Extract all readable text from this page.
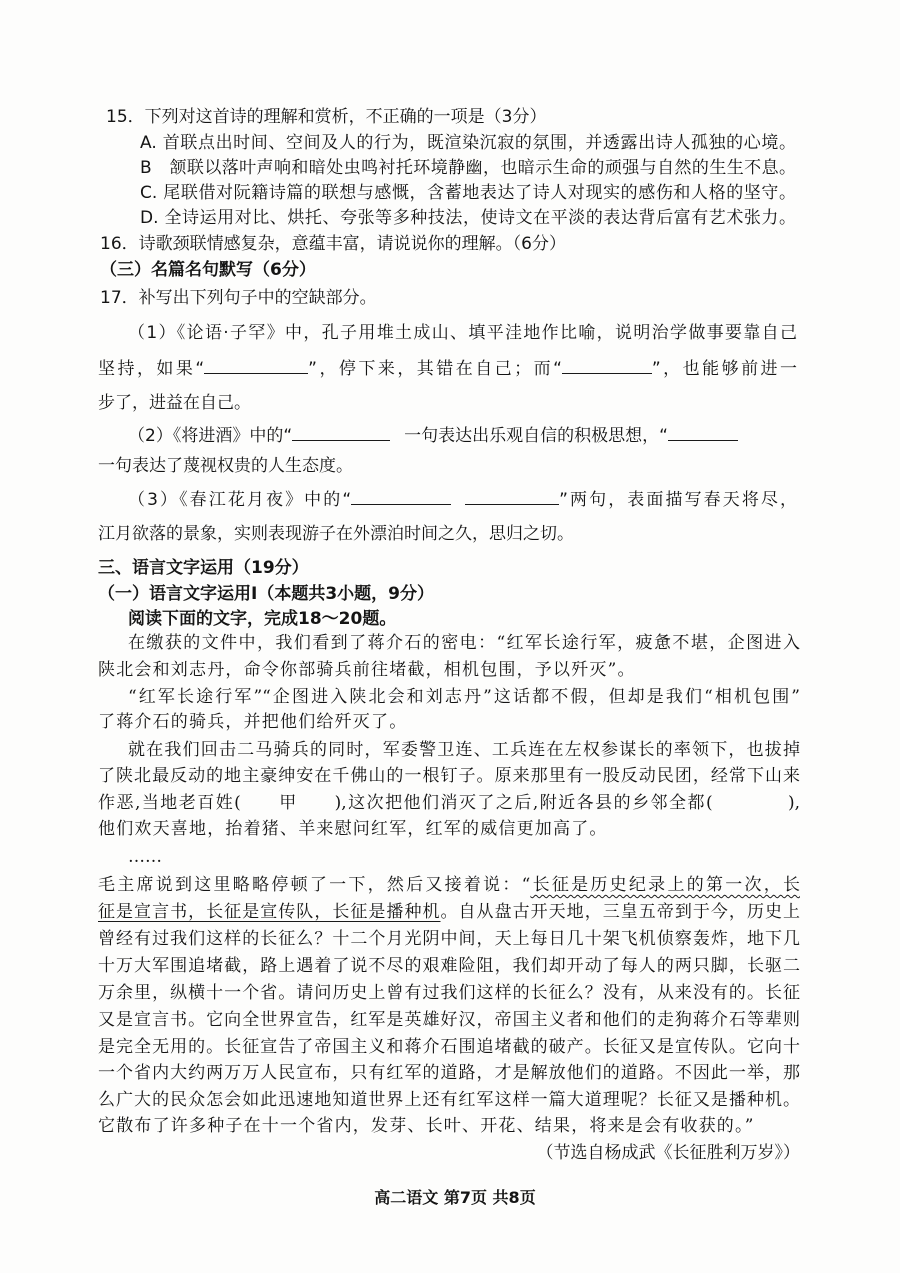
15．下列对这首诗的理解和赏析，不正确的一项是（3分）
A. 首联点出时间、空间及人的行为，既渲染沉寂的氛围，并透露出诗人孤独的心境。
B　颔联以落叶声响和暗处虫鸣衬托环境静幽，也暗示生命的顽强与自然的生生不息。
C. 尾联借对阮籍诗篇的联想与感慨，含蓄地表达了诗人对现实的感伤和人格的坚守。
D. 全诗运用对比、烘托、夸张等多种技法，使诗文在平淡的表达背后富有艺术张力。
16．诗歌颈联情感复杂，意蕴丰富，请说说你的理解。（6分）
（三）名篇名句默写（6分）
17．补写出下列句子中的空缺部分。
（1）《论语·子罕》中，孔子用堆土成山、填平洼地作比喻，说明治学做事要靠自己
坚持，如果“	”，停下来，其错在自己；而“	”，也能够前进一
步了，进益在自己。
（2）《将进酒》中的“	一句表达出乐观自信的积极思想，“
一句表达了蔑视权贵的人生态度。
（3）《春江花月夜》中的“	”两句，表面描写春天将尽，
江月欲落的景象，实则表现游子在外漂泊时间之久，思归之切。
三、语言文字运用（19分）
（一）语言文字运用Ⅰ（本题共3小题，9分）
阅读下面的文字，完成18～20题。
在缴获的文件中，我们看到了蒋介石的密电：“红军长途行军，疲惫不堪，企图进入
陕北会和刘志丹，命令你部骑兵前往堵截，相机包围，予以歼灭”。
“红军长途行军”“企图进入陕北会和刘志丹”这话都不假，但却是我们“相机包围”
了蒋介石的骑兵，并把他们给歼灭了。
就在我们回击二马骑兵的同时，军委警卫连、工兵连在左权参谋长的率领下，也拔掉
了陕北最反动的地主豪绅安在千佛山的一根钉子。原来那里有一股反动民团，经常下山来
作恶,当地老百姓(　　甲　　),这次把他们消灭了之后,附近各县的乡邻全都(　　　　),
他们欢天喜地，抬着猪、羊来慰问红军，红军的威信更加高了。
……
毛主席说到这里略略停顿了一下，然后又接着说：“长征是历史纪录上的第一次，长
征是宣言书，长征是宣传队，长征是播种机。自从盘古开天地，三皇五帝到于今，历史上
曾经有过我们这样的长征么？十二个月光阴中间，天上每日几十架飞机侦察轰炸，地下几
十万大军围追堵截，路上遇着了说不尽的艰难险阻，我们却开动了每人的两只脚，长驱二
万余里，纵横十一个省。请问历史上曾有过我们这样的长征么？没有，从来没有的。长征
又是宣言书。它向全世界宣告，红军是英雄好汉，帝国主义者和他们的走狗蒋介石等辈则
是完全无用的。长征宣告了帝国主义和蒋介石围追堵截的破产。长征又是宣传队。它向十
一个省内大约两万万人民宣布，只有红军的道路，才是解放他们的道路。不因此一举，那
么广大的民众怎会如此迅速地知道世界上还有红军这样一篇大道理呢？长征又是播种机。
它散布了许多种子在十一个省内，发芽、长叶、开花、结果，将来是会有收获的。”
（节选自杨成武《长征胜利万岁》）
高二语文 第7页 共8页
